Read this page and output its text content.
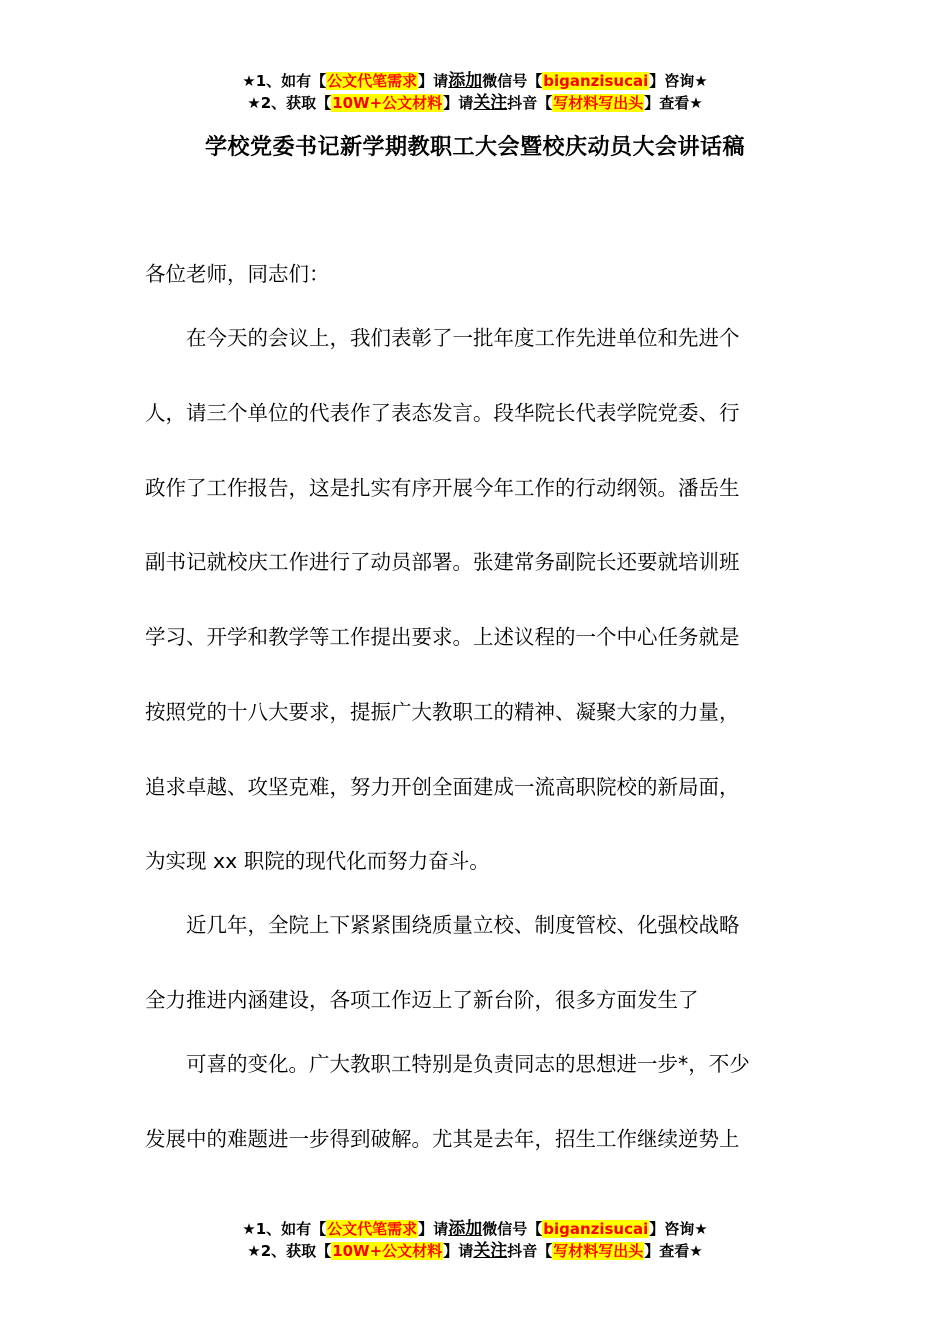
★1、如有【公文代笔需求】请添加微信号【biganzisucai】咨询★
★2、获取【10W+公文材料】请关注抖音【写材料写出头】查看★
学校党委书记新学期教职工大会暨校庆动员大会讲话稿
各位老师，同志们：
　　在今天的会议上，我们表彰了一批年度工作先进单位和先进个
人，请三个单位的代表作了表态发言。段华院长代表学院党委、行
政作了工作报告，这是扎实有序开展今年工作的行动纲领。潘岳生
副书记就校庆工作进行了动员部署。张建常务副院长还要就培训班
学习、开学和教学等工作提出要求。上述议程的一个中心任务就是
按照党的十八大要求，提振广大教职工的精神、凝聚大家的力量，
追求卓越、攻坚克难，努力开创全面建成一流高职院校的新局面，
为实现 xx 职院的现代化而努力奋斗。
　　近几年，全院上下紧紧围绕质量立校、制度管校、化强校战略
全力推进内涵建设，各项工作迈上了新台阶，很多方面发生了
　　可喜的变化。广大教职工特别是负责同志的思想进一步*，不少
发展中的难题进一步得到破解。尤其是去年，招生工作继续逆势上
★1、如有【公文代笔需求】请添加微信号【biganzisucai】咨询★
★2、获取【10W+公文材料】请关注抖音【写材料写出头】查看★
